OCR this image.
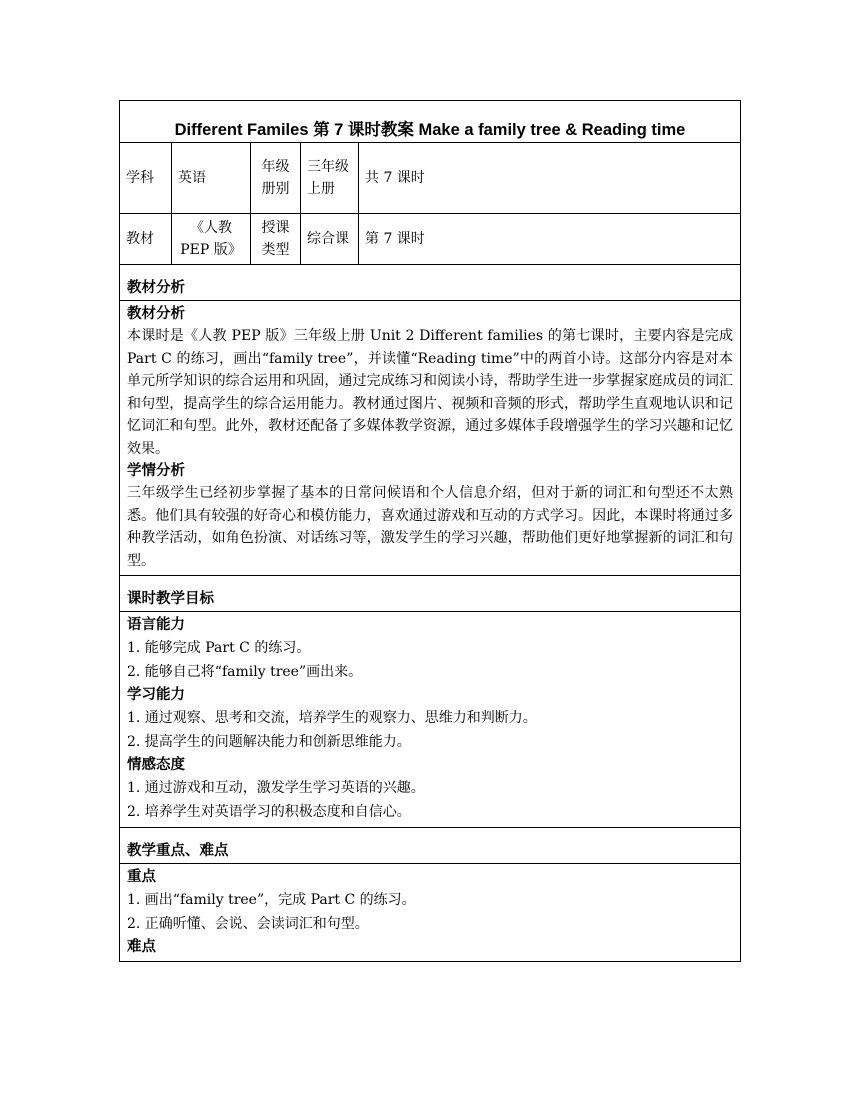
Different Familes 第 7 课时教案 Make a family tree & Reading time
学科	英语
年级册别
三年级上册
共 7 课时
教材
《人教 PEP 版》
授课类型
综合课	第 7 课时
教材分析
教材分析
本课时是《人教 PEP 版》三年级上册 Unit 2 Different families 的第七课时，主要内容是完成 Part C 的练习，画出“family tree”，并读懂“Reading time”中的两首小诗。这部分内容是对本单元所学知识的综合运用和巩固，通过完成练习和阅读小诗，帮助学生进一步掌握家庭成员的词汇和句型，提高学生的综合运用能力。教材通过图片、视频和音频的形式，帮助学生直观地认识和记忆词汇和句型。此外，教材还配备了多媒体教学资源，通过多媒体手段增强学生的学习兴趣和记忆效果。
学情分析
三年级学生已经初步掌握了基本的日常问候语和个人信息介绍，但对于新的词汇和句型还不太熟悉。他们具有较强的好奇心和模仿能力，喜欢通过游戏和互动的方式学习。因此，本课时将通过多种教学活动，如角色扮演、对话练习等，激发学生的学习兴趣，帮助他们更好地掌握新的词汇和句型。
课时教学目标
语言能力
1. 能够完成 Part C 的练习。
2. 能够自己将“family tree”画出来。
学习能力
1. 通过观察、思考和交流，培养学生的观察力、思维力和判断力。
2. 提高学生的问题解决能力和创新思维能力。
情感态度
1. 通过游戏和互动，激发学生学习英语的兴趣。
2. 培养学生对英语学习的积极态度和自信心。
教学重点、难点
重点
1. 画出“family tree”，完成 Part C 的练习。
2. 正确听懂、会说、会读词汇和句型。
难点
